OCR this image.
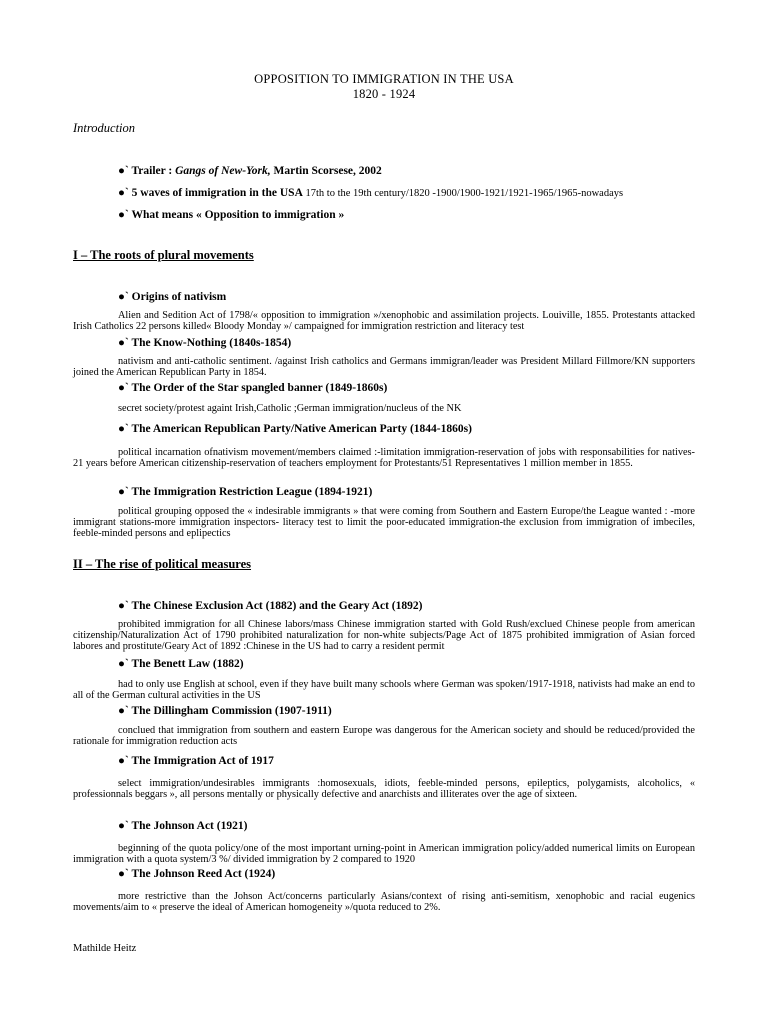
OPPOSITION TO IMMIGRATION IN THE USA
1820 - 1924
Introduction
●` Trailer : Gangs of New-York, Martin Scorsese, 2002
●` 5 waves of immigration in the USA 17th to the 19th century/1820 -1900/1900-1921/1921-1965/1965-nowadays
●` What means « Opposition to immigration »
I – The roots of plural movements
●` Origins of nativism
Alien and Sedition Act of 1798/« opposition to immigration »/xenophobic and assimilation projects. Louiville, 1855. Protestants attacked Irish Catholics 22 persons killed« Bloody Monday »/ campaigned for immigration restriction and literacy test
●` The Know-Nothing (1840s-1854)
nativism and anti-catholic sentiment. /against Irish catholics and Germans immigran/leader was President Millard Fillmore/KN supporters joined the American Republican Party in 1854.
●` The Order of the Star spangled banner (1849-1860s)
secret society/protest againt Irish,Catholic ;German immigration/nucleus of the NK
●` The American Republican Party/Native American Party (1844-1860s)
political incarnation ofnativism movement/members claimed :-limitation immigration-reservation of jobs with responsabilities for natives-21 years before American citizenship-reservation of teachers employment for Protestants/51 Representatives 1 million member in 1855.
●` The Immigration Restriction League (1894-1921)
political grouping opposed the « indesirable immigrants » that were coming from Southern and Eastern Europe/the League wanted : -more immigrant stations-more immigration inspectors- literacy test to limit the poor-educated immigration-the exclusion from immigration of imbeciles, feeble-minded persons and eplipectics
II – The rise of political measures
●` The Chinese Exclusion Act (1882) and the Geary Act (1892)
prohibited immigration for all Chinese labors/mass Chinese immigration started with Gold Rush/exclued Chinese people from american citizenship/Naturalization Act of 1790 prohibited naturalization for non-white subjects/Page Act of 1875 prohibited immigration of Asian forced labores and prostitute/Geary Act of 1892 :Chinese in the US had to carry a resident permit
●` The Benett Law (1882)
had to only use English at school, even if they have built many schools where German was spoken/1917-1918, nativists had make an end to all of the German cultural activities in the US
●` The Dillingham Commission (1907-1911)
conclued that immigration from southern and eastern Europe was dangerous for the American society and should be reduced/provided the rationale for immigration reduction acts
●` The Immigration Act of 1917
select immigration/undesirables immigrants :homosexuals, idiots, feeble-minded persons, epileptics, polygamists, alcoholics, « professionnals beggars », all persons mentally or physically defective and anarchists and illiterates over the age of sixteen.
●` The Johnson Act (1921)
beginning of the quota policy/one of the most important urning-point in American immigration policy/added numerical limits on European immigration with a quota system/3 %/ divided immigration by 2 compared to 1920
●` The Johnson Reed Act (1924)
more restrictive than the Johson Act/concerns particularly Asians/context of rising anti-semitism, xenophobic and racial eugenics movements/aim to « preserve the ideal of American homogeneity »/quota reduced to 2%.
Mathilde Heitz
